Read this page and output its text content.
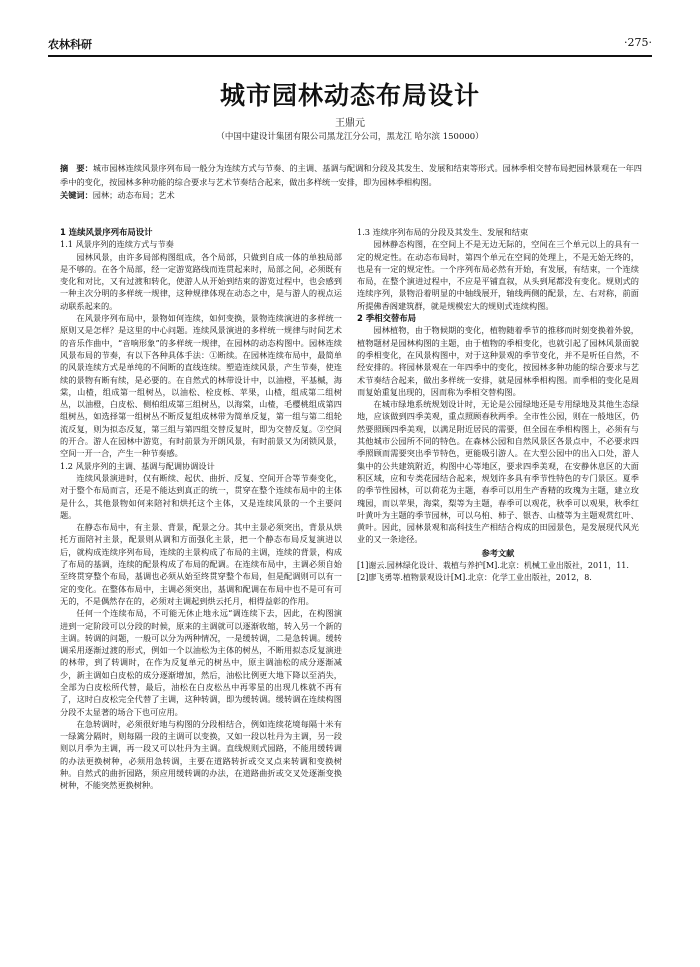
农林科研	·275·
城市园林动态布局设计
王鼎元
（中国中建设计集团有限公司黑龙江分公司，黑龙江 哈尔滨 150000）
摘　要：城市园林连续风景序列布局一般分为连续方式与节奏、的主调、基调与配调和分段及其发生、发展和结束等形式。园林季相交替布局把园林景观在一年四季中的变化，按园林多种功能的综合要求与艺术节奏结合起来，做出多样统一安排，即为园林季相构图。
关键词：园林；动态布局；艺术
1 连续风景序列布局设计
1.1 风景序列的连续方式与节奏

园林风景，由许多局部构图组成，各个局部，只做到自成一体的单独局部是不够的。在各个局部，经一定游览路线而连贯起来时，局部之间，必须既有变化和对比，又有过渡和转化，使游人从开始到结束的游览过程中，也会感到一种主次分明的多样统一规律，这种规律体现在动态之中，是与游人的视点运动联系起来的。

在风景序列布局中，景物如何连续，如何变换，景物连续演进的多样统一原则又是怎样？是这里的中心问题。连续风景演进的多样统一规律与时间艺术的音乐作曲中，“音响形象”的多样统一规律，在园林的动态构图中。园林连续风景布局的节奏，有以下各种具体手法：①断续。在园林连续布局中，最简单的风景连续方式是单纯的不间断的直线连续。塑造连续风景，产生节奏，使连续的景物有断有续，是必要的。在自然式的林带设计中，以油橙，平基槭，海棠，山楂，组成第一组树丛，以油松、栓皮栎、苹果，山楂，组成第二组树丛，以油橙，白皮松、侧柏组成第三组树丛，以海棠，山楂，毛樱桃组成第四组树丛，如选择第一组树丛不断反复组成林带为简单反复，第一组与第二组轮流反复，则为拟态反复，第三组与第四组交替反复时，即为交替反复。②空间的开合。游人在园林中游览，有时前景为开朗风景，有时前景又为闭锁风景，空间一开一合，产生一种节奏感。

1.2 风景序列的主调、基调与配调协调设计

连续风景演进时，仅有断续、起伏、曲折、反复、空间开合等节奏变化，对于整个布局而言，还是不能达到真正的统一，贯穿在整个连续布局中的主体是什么，其他景物如何来陪衬和烘托这个主体，又是连续风景的一个主要问题。

在静态布局中，有主景、背景，配景之分。其中主景必须突出，背景从烘托方面陪衬主景，配景则从调和方面强化主景，把一个静态布局反复演进以后，就构成连续序列布局，连续的主景构成了布局的主调，连续的背景，构成了布局的基调，连续的配景构成了布局的配调。在连续布局中，主调必须自始至终贯穿整个布局，基调也必须从始至终贯穿整个布局，但是配调则可以有一定的变化。在整体布局中，主调必须突出，基调和配调在布局中也不是可有可无的，不是偶然存在的，必须对主调起到烘云托月，相得益彰的作用。

任何一个连续布局，不可能无休止地永远“调连续下去，因此，在构图演进到一定阶段可以分段的时候，原来的主调就可以逐渐收缩，转入另一个新的主调。转调的问题，一般可以分为两种情况，一是缓转调，二是急转调。缓转调采用逐渐过渡的形式，例如一个以油松为主体的树丛，不断用拟态反复演进的林带，到了转调时，在作为反复单元的树丛中，原主调油松的成分逐渐减少，新主调如白皮松的成分逐渐增加，然后，油松比例更大地下降以至消失，全部为白皮松所代替，最后，油松在白皮松丛中再零星的出现几株就不再有了，这时白皮松完全代替了主调，这种转调，即为缓转调。缓转调在连续构图分段不太显著的场合下也可应用。

在急转调时，必须很好地与构图的分段相结合，例如连续花境每隔十米有一绿篱分隔时，则每隔一段的主调可以变换，又如一段以牡丹为主调，另一段则以月季为主调，再一段又可以牡丹为主调。直线规则式园路，不能用缓转调的办法更换树种，必须用急转调，主要在道路转折或交叉点来转调和变换树种。自然式的曲折园路，须应用缓转调的办法，在道路曲折或交叉处逐渐变换树种，不能突然更换树种。

1.3 连续序列布局的分段及其发生、发展和结束

园林静态构图，在空间上不是无边无际的，空间在三个单元以上的具有一定的规定性。在动态布局时，第四个单元在空间的处理上，不是无始无终的，也是有一定的规定性。一个序列布局必然有开始，有发展，有结束，一个连续布局，在整个演进过程中，不应是平铺直叙，从头到尾都没有变化。规则式的连续序列，景物沿着明显的中轴线展开，轴线两侧的配景，左、右对称，前面所提佛香阁建筑群，就是规模宏大的规则式连续构图。

2 季相交替布局

园林植物，由于物候期的变化，植物随着季节的推移而时刻变换着外貌，植物题材是园林构图的主题，由于植物的季相变化，也就引起了园林风景面貌的季相变化，在风景构图中，对于这种景观的季节变化，并不是听任自然，不经安排的。将园林景观在一年四季中的变化，按园林多种功能的综合要求与艺术节奏结合起来，做出多样统一安排，就是园林季相构图。而季相的变化是周而复始重复出现的，因而称为季相交替构图。

在城市绿地系统规划设计时，无论是公园绿地还是专用绿地及其他生态绿地，应该做到四季美观，重点照顾春秋两季。全市性公园，则在一般地区，仍然要照顾四季美观，以满足附近居民的需要，但全园在季相构图上，必须有与其他城市公园所不同的特色。在森林公园和自然风景区各景点中，不必要求四季照顾而需要突出季节特色，更能吸引游人。在大型公园中的出入口处，游人集中的公共建筑附近，构图中心等地区，要求四季美观，在安静休息区的大面积区域，应和专类花园结合起来，规划许多具有季节性特色的专门景区。夏季的季节性园林，可以荷花为主题，春季可以用生产香精的玫瑰为主题，建立玫瑰园，而以苹果，海棠，梨等为主题，春季可以观花，秋季可以观果，秋季红叶黄叶为主题的季节园林，可以乌桕、柿子、银杏、山楂等为主题观赏红叶、黄叶。因此，园林景观和高科技生产相结合构成的田园景色，是发展现代风光业的又一条途径。

参考文献

[1]谢云.园林绿化设计、栽植与养护[M].北京：机械工业出版社，2011，11.

[2]廖飞勇等.植物景观设计[M].北京：化学工业出版社，2012，8.
